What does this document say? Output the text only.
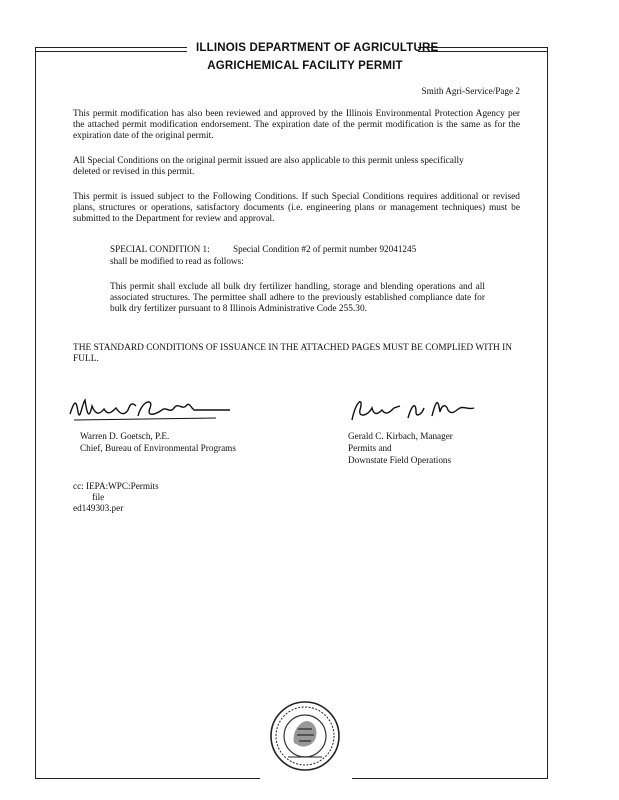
ILLINOIS DEPARTMENT OF AGRICULTURE
AGRICHEMICAL FACILITY PERMIT
Smith Agri-Service/Page 2
This permit modification has also been reviewed and approved by the Illinois Environmental Protection Agency per the attached permit modification endorsement. The expiration date of the permit modification is the same as for the expiration date of the original permit.
All Special Conditions on the original permit issued are also applicable to this permit unless specifically deleted or revised in this permit.
This permit is issued subject to the Following Conditions. If such Special Conditions requires additional or revised plans, structures or operations, satisfactory documents (i.e. engineering plans or management techniques) must be submitted to the Department for review and approval.
SPECIAL CONDITION 1:	Special Condition #2 of permit number 92041245
shall be modified to read as follows:
This permit shall exclude all bulk dry fertilizer handling, storage and blending operations and all associated structures. The permittee shall adhere to the previously established compliance date for bulk dry fertilizer pursuant to 8 Illinois Administrative Code 255.30.
THE STANDARD CONDITIONS OF ISSUANCE IN THE ATTACHED PAGES MUST BE COMPLIED WITH IN FULL.
Warren D. Goetsch, P.E.
Chief, Bureau of Environmental Programs
Gerald C. Kirbach, Manager
Permits and
Downstate Field Operations
cc: IEPA:WPC:Permits
file
ed149303.per
